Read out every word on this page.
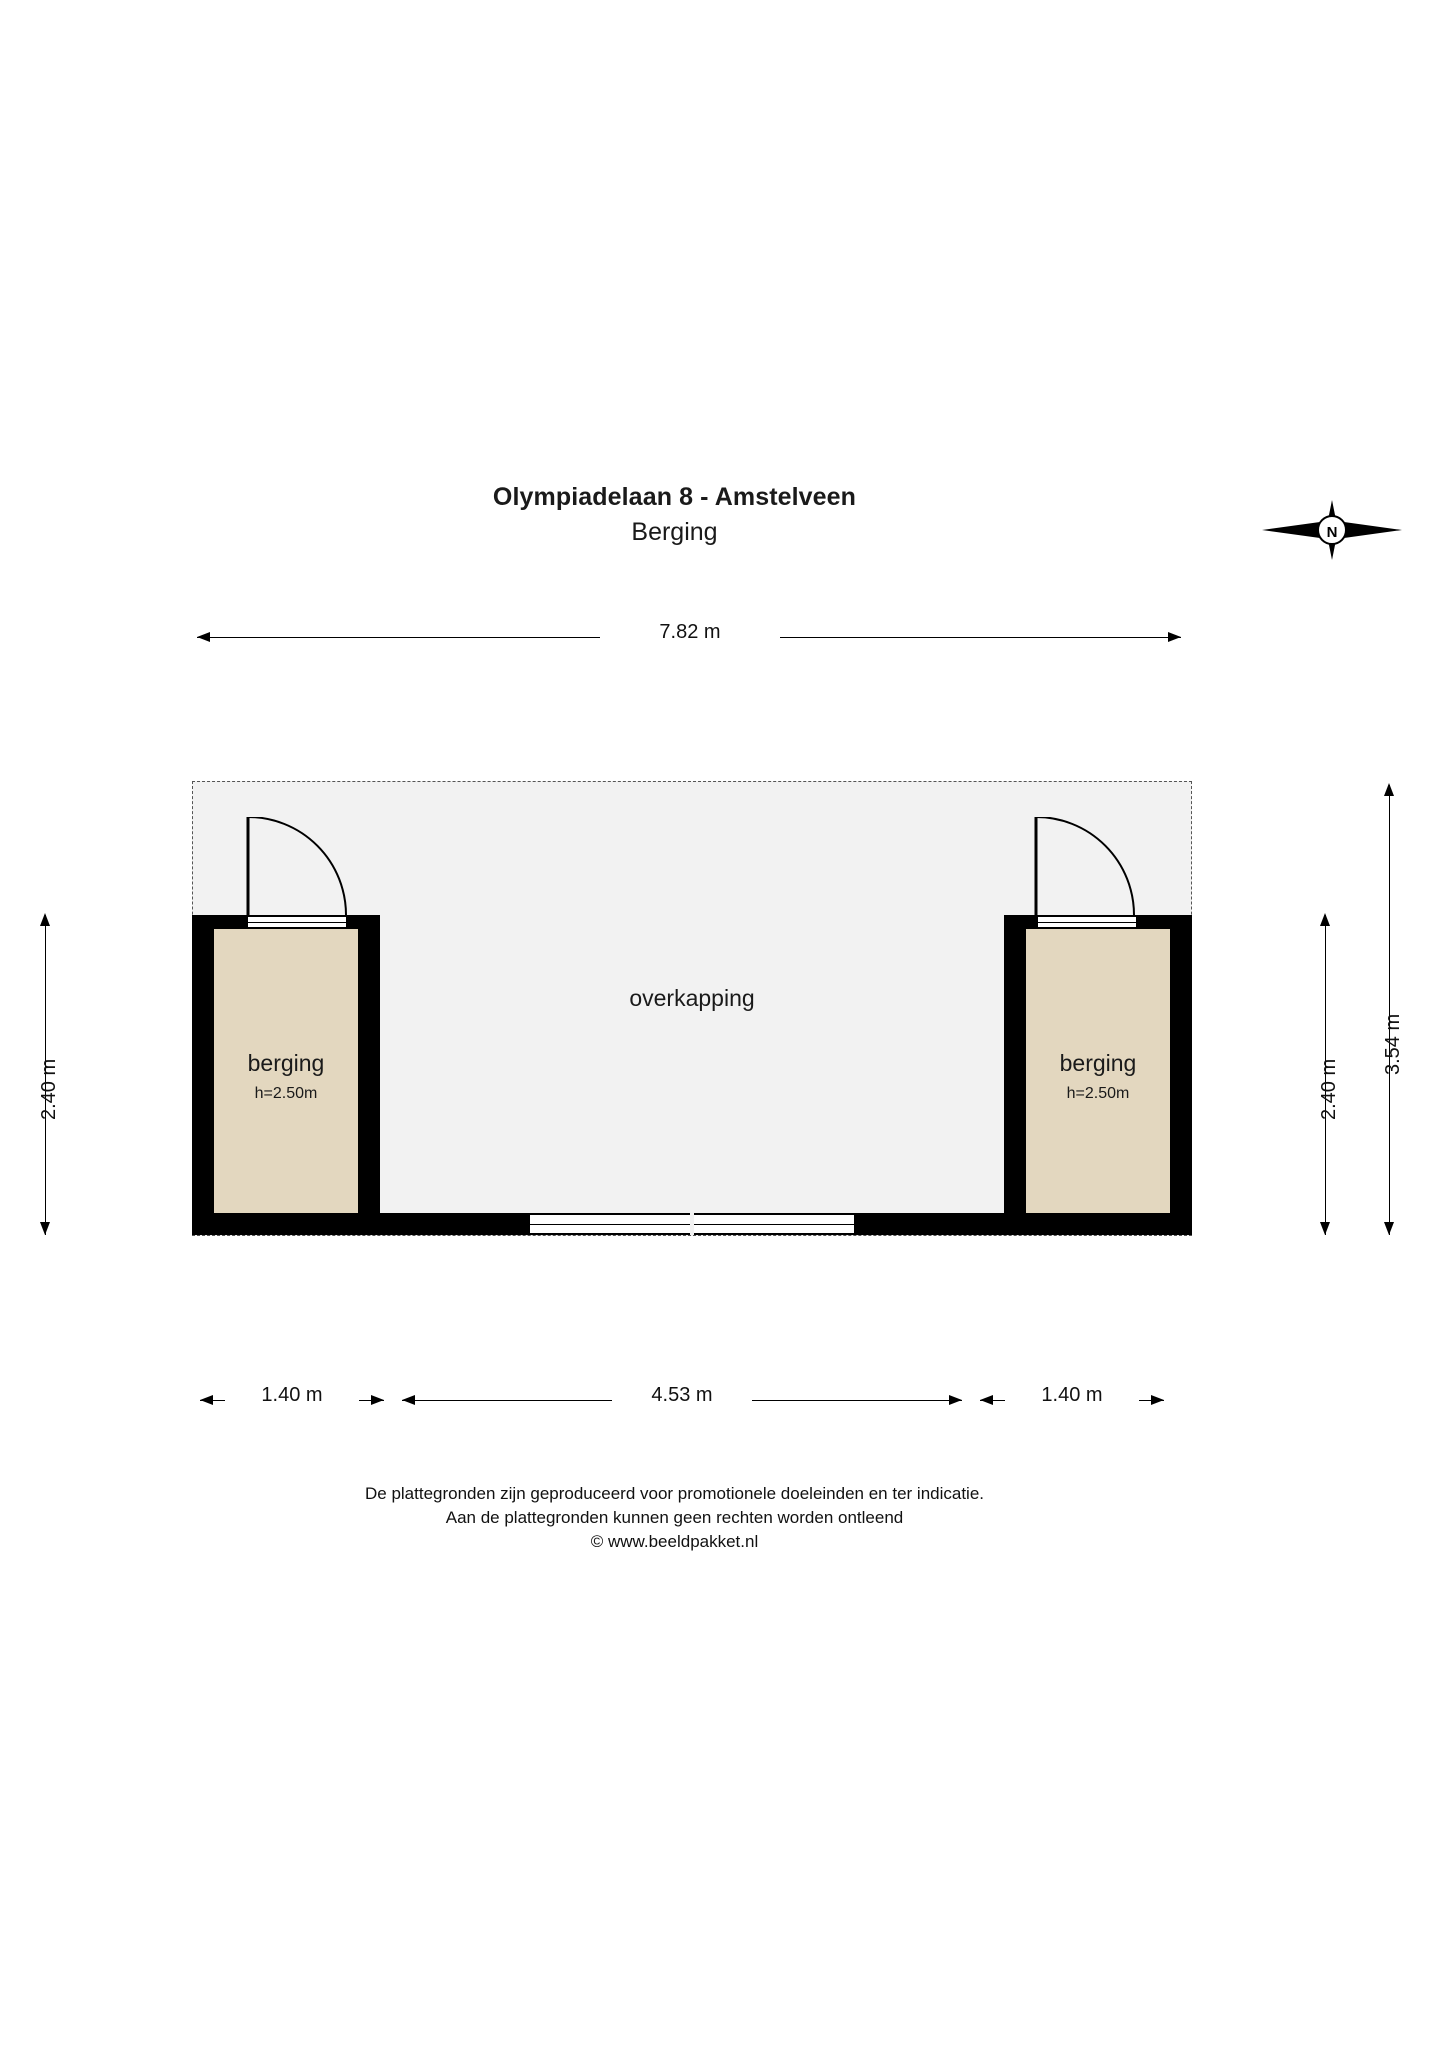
Olympiadelaan 8 - Amstelveen
Berging	N
7.82 m
berging
h=2.50m
berging
h=2.50m
overkapping
2.40 m	2.40 m
3.54 m
1.40 m	4.53 m	1.40 m
De plattegronden zijn geproduceerd voor promotionele doeleinden en ter indicatie.
Aan de plattegronden kunnen geen rechten worden ontleend
© www.beeldpakket.nl
